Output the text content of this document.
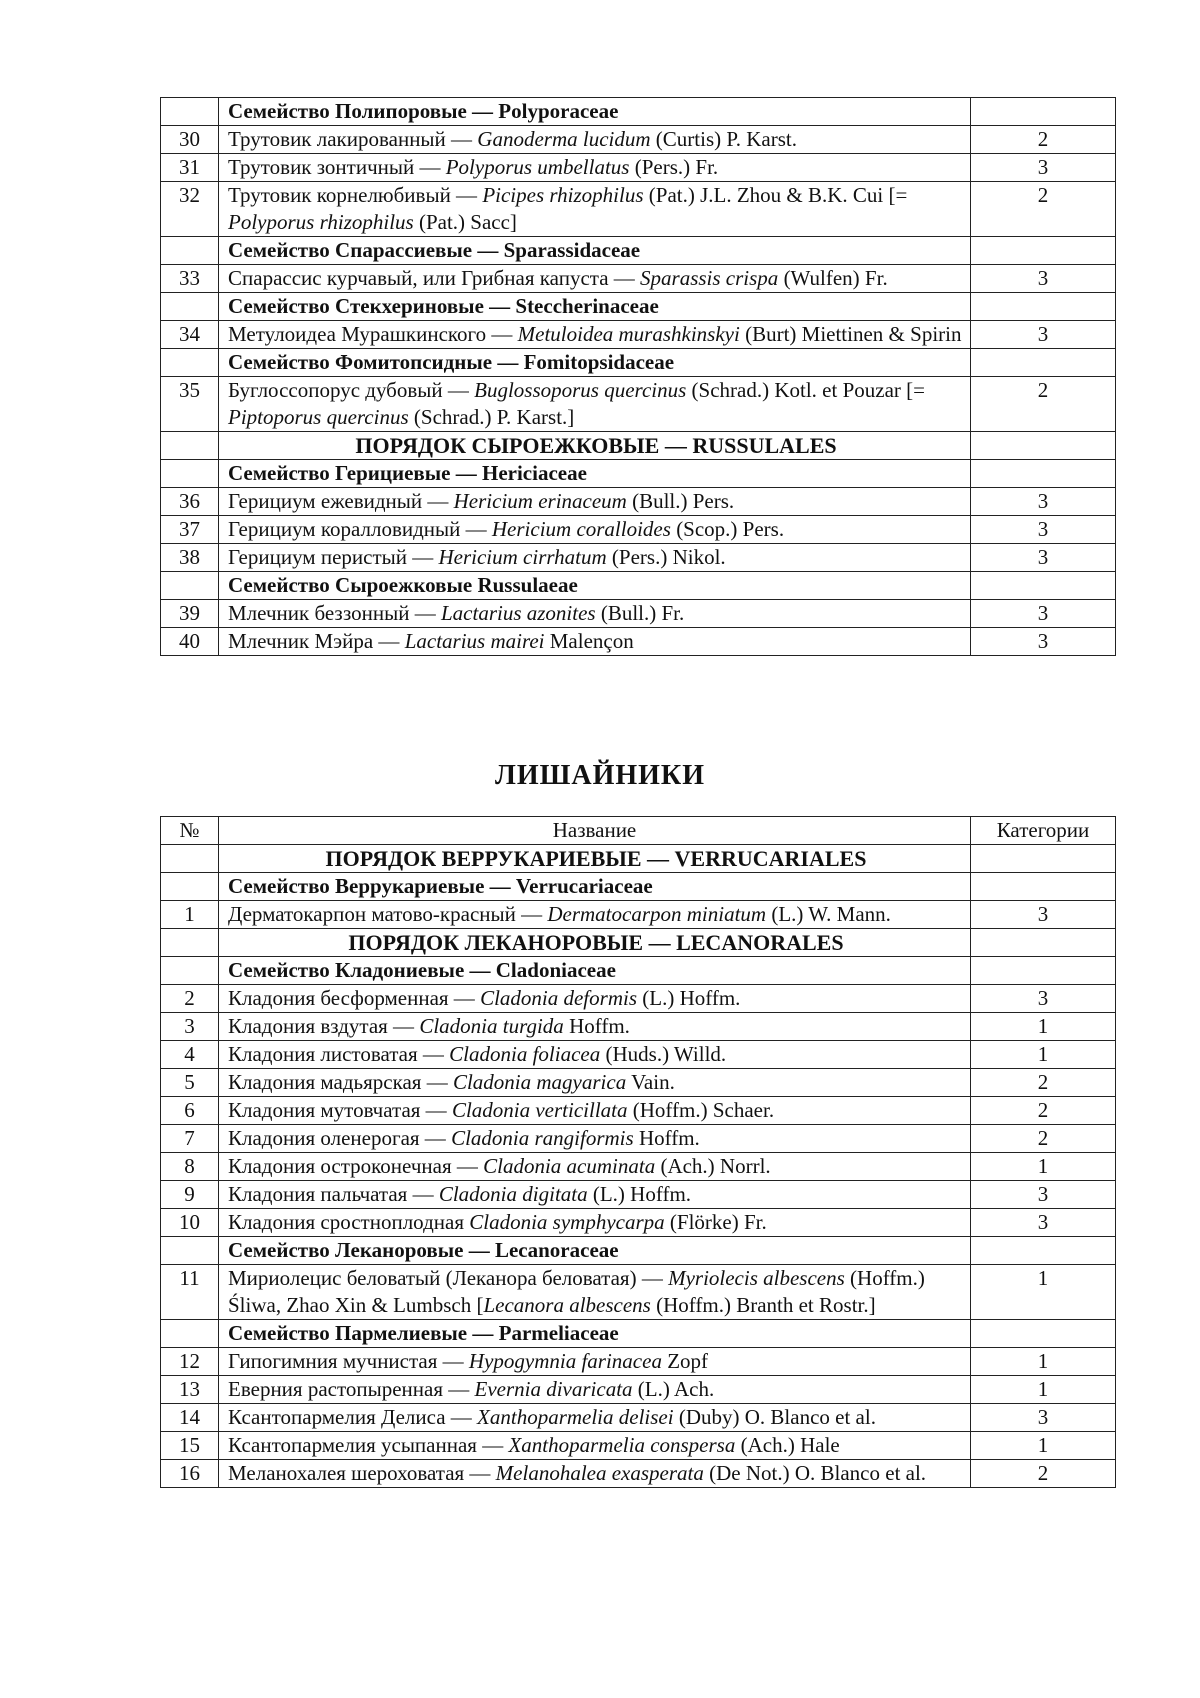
	Семейство Полипоровые — Polyporaceae	
30	Трутовик лакированный — Ganoderma lucidum (Curtis) P. Karst.	2
31	Трутовик зонтичный — Polyporus umbellatus (Pers.) Fr.	3
32	Трутовик корнелюбивый — Picipes rhizophilus (Pat.) J.L. Zhou & B.K. Cui [= Polyporus rhizophilus (Pat.) Sacc]	2
	Семейство Спарассиевые — Sparassidaceae	
33	Спарассис курчавый, или Грибная капуста — Sparassis crispa (Wulfen) Fr.	3
	Семейство Стекхериновые — Steccherinaceae	
34	Метулоидеа Мурашкинского — Metuloidea murashkinskyi (Burt) Miettinen & Spirin	3
	Семейство Фомитопсидные — Fomitopsidaceae	
35	Буглоссопорус дубовый — Buglossoporus quercinus (Schrad.) Kotl. et Pouzar [= Piptoporus quercinus (Schrad.) P. Karst.]	2
	ПОРЯДОК СЫРОЕЖКОВЫЕ — RUSSULALES	
	Семейство Герициевые — Hericiaceae	
36	Герициум ежевидный — Hericium erinaceum (Bull.) Pers.	3
37	Герициум коралловидный — Hericium coralloides (Scop.) Pers.	3
38	Герициум перистый — Hericium cirrhatum (Pers.) Nikol.	3
	Семейство Сыроежковые Russulaeae	
39	Млечник беззонный — Lactarius azonites (Bull.) Fr.	3
40	Млечник Мэйра — Lactarius mairei Malençon	3
ЛИШАЙНИКИ
№	Название	Категории
	ПОРЯДОК ВЕРРУКАРИЕВЫЕ — VERRUCARIALES	
	Семейство Веррукариевые — Verrucariaceae	
1	Дерматокарпон матово-красный — Dermatocarpon miniatum (L.) W. Mann.	3
	ПОРЯДОК ЛЕКАНОРОВЫЕ — LECANORALES	
	Семейство Кладониевые — Cladoniaceae	
2	Кладония бесформенная — Cladonia deformis (L.) Hoffm.	3
3	Кладония вздутая — Cladonia turgida Hoffm.	1
4	Кладония листоватая — Cladonia foliacea (Huds.) Willd.	1
5	Кладония мадьярская — Cladonia magyarica Vain.	2
6	Кладония мутовчатая — Cladonia verticillata (Hoffm.) Schaer.	2
7	Кладония оленерогая — Cladonia rangiformis Hoffm.	2
8	Кладония остроконечная — Cladonia acuminata (Ach.) Norrl.	1
9	Кладония пальчатая — Cladonia digitata (L.) Hoffm.	3
10	Кладония сростноплодная Cladonia symphycarpa (Flörke) Fr.	3
	Семейство Леканоровые — Lecanoraceae	
11	Мириолецис беловатый (Леканора беловатая) — Myriolecis albescens (Hoffm.) Śliwa, Zhao Xin & Lumbsch [Lecanora albescens (Hoffm.) Branth et Rostr.]	1
	Семейство Пармелиевые — Parmeliaceae	
12	Гипогимния мучнистая — Hypogymnia farinacea Zopf	1
13	Еверния растопыренная — Evernia divaricata (L.) Ach.	1
14	Ксантопармелия Делиса — Xanthoparmelia delisei (Duby) O. Blanco et al.	3
15	Ксантопармелия усыпанная — Xanthoparmelia conspersa (Ach.) Hale	1
16	Меланохалея шероховатая — Melanohalea exasperata (De Not.) O. Blanco et al.	2
